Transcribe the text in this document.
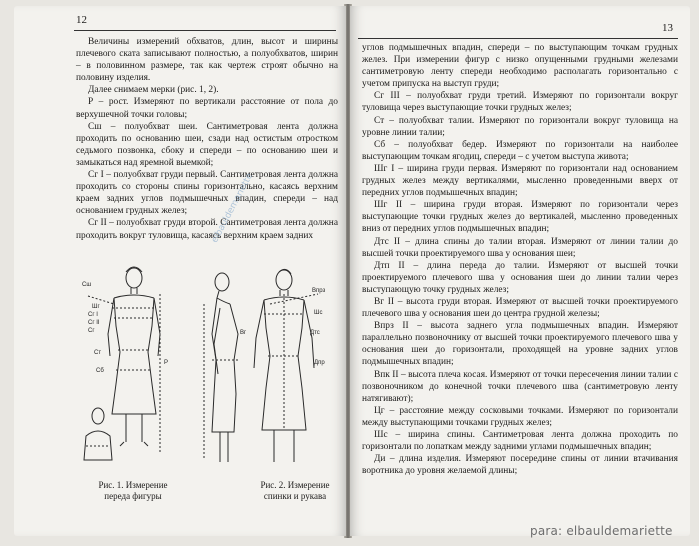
12

Величины измерений обхватов, длин, высот и ширины плечевого ската записывают полностью, а полуобхватов, ширин – в половинном размере, так как чертеж строят обычно на половину изделия.

Далее снимаем мерки (рис. 1, 2).

Р – рост. Измеряют по вертикали расстояние от пола до верхушечной точки головы;

Сш – полуобхват шеи. Сантиметровая лента должна проходить по основанию шеи, сзади над остистым отростком седьмого позвонка, сбоку и спереди – по основанию шеи и замыкаться над яремной выемкой;

Сг I – полуобхват груди первый. Сантиметровая лента должна проходить со стороны спины горизонтально, касаясь верхним краем задних углов подмышечных впадин, спереди – над основанием грудных желез;

Сг II – полуобхват груди второй. Сантиметровая лента должна проходить вокруг туловища, касаясь верхним краем задних

Сш
Шг
Сг I
Сг II
Сг
Ст
Сб
Р
Впрз
Шс
Дтс
Вг
Дпр
Рис. 1. Измерение переда фигуры
Рис. 2. Измерение спинки и рукава
13

углов подмышечных впадин, спереди – по выступающим точкам грудных желез. При измерении фигур с низко опущенными грудными железами сантиметровую ленту спереди необходимо располагать горизонтально с учетом припуска на выступ груди;

Сг III – полуобхват груди третий. Измеряют по горизонтали вокруг туловища через выступающие точки грудных желез;

Ст – полуобхват талии. Измеряют по горизонтали вокруг туловища на уровне линии талии;

Сб – полуобхват бедер. Измеряют по горизонтали на наиболее выступающим точкам ягодиц, спереди – с учетом выступа живота;

Шг I – ширина груди первая. Измеряют по горизонтали над основанием грудных желез между вертикалями, мысленно проведенными вверх от передних углов подмышечных впадин;

Шг II – ширина груди вторая. Измеряют по горизонтали через выступающие точки грудных желез до вертикалей, мысленно проведенных вниз от передних углов подмышечных впадин;

Дтс II – длина спины до талии вторая. Измеряют от линии талии до высшей точки проектируемого шва у основания шеи;

Дтп II – длина переда до талии. Измеряют от высшей точки проектируемого плечевого шва у основания шеи до линии талии через выступающую точку грудных желез;

Вг II – высота груди вторая. Измеряют от высшей точки проектируемого плечевого шва у основания шеи до центра грудной железы;

Впрз II – высота заднего угла подмышечных впадин. Измеряют параллельно позвоночнику от высшей точки проектируемого плечевого шва у основания шеи до горизонтали, проходящей на уровне задних углов подмышечных впадин;

Впк II – высота плеча косая. Измеряют от точки пересечения линии талии с позвоночником до конечной точки плечевого шва (сантиметровую ленту натягивают);

Цг – расстояние между сосковыми точками. Измеряют по горизонтали между выступающими точками грудных желез;

Шс – ширина спины. Сантиметровая лента должна проходить по горизонтали по лопаткам между задними углами подмышечных впадин;

Ди – длина изделия. Измеряют посередине спины от линии втачивания воротника до уровня желаемой длины;

elbauldemariette
para: elbauldemariette
